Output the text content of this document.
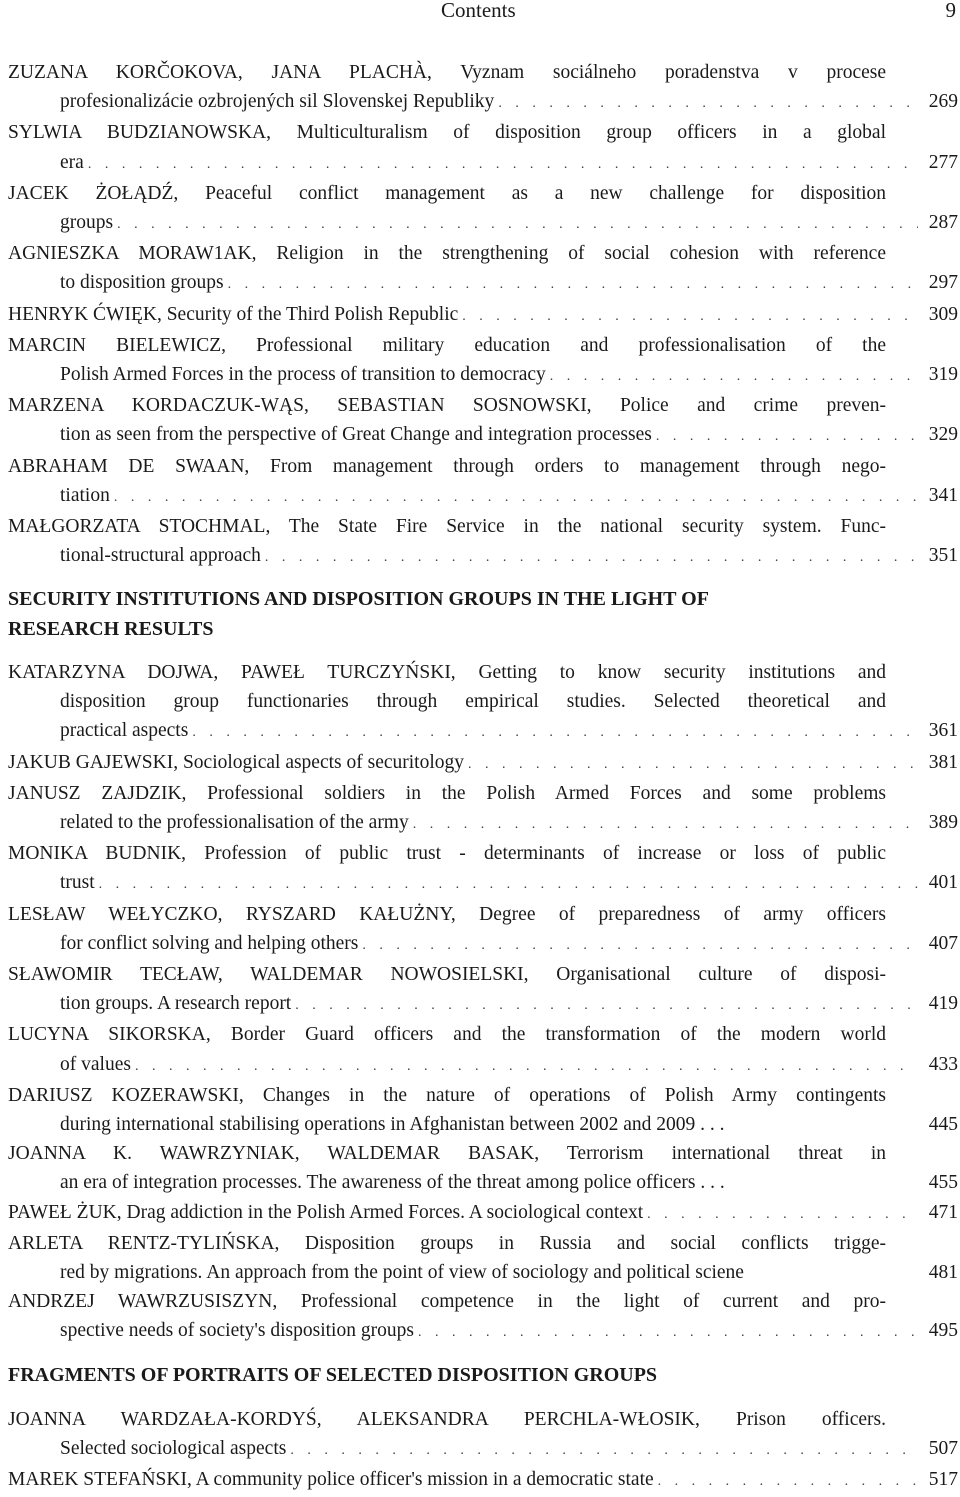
Contents	9
ZUZANA KORČOKOVA, JANA PLACHÀ, Vyznam sociálneho poradenstva v procese
profesionalizácie ozbrojených sil Slovenskej Republiky . . .	269
SYLWIA BUDZIANOWSKA, Multiculturalism of disposition group officers in a global
era . . .	277
JACEK ŻOŁĄDŹ, Peaceful conflict management as a new challenge for disposition
groups . . .	287
AGNIESZKA MORAW1AK, Religion in the strengthening of social cohesion with reference
to disposition groups . . .	297
HENRYK ĆWIĘK, Security of the Third Polish Republic . . .	309
MARCIN BIELEWICZ, Professional military education and professionalisation of the
Polish Armed Forces in the process of transition to democracy . . .	319
MARZENA KORDACZUK-WĄS, SEBASTIAN SOSNOWSKI, Police and crime preven-
tion as seen from the perspective of Great Change and integration processes . . .	329
ABRAHAM DE SWAAN, From management through orders to management through nego-
tiation . . .	341
MAŁGORZATA STOCHMAL, The State Fire Service in the national security system. Func-
tional-structural approach . . .	351
SECURITY INSTITUTIONS AND DISPOSITION GROUPS IN THE LIGHT OF
RESEARCH RESULTS
KATARZYNA DOJWA, PAWEŁ TURCZYŃSKI, Getting to know security institutions and
disposition group functionaries through empirical studies. Selected theoretical and
practical aspects . . .	361
JAKUB GAJEWSKI, Sociological aspects of securitology . . .	381
JANUSZ ZAJDZIK, Professional soldiers in the Polish Armed Forces and some problems
related to the professionalisation of the army . . .	389
MONIKA BUDNIK, Profession of public trust - determinants of increase or loss of public
trust . . .	401
LESŁAW WEŁYCZKO, RYSZARD KAŁUŻNY, Degree of preparedness of army officers
for conflict solving and helping others . . .	407
SŁAWOMIR TECŁAW, WALDEMAR NOWOSIELSKI, Organisational culture of disposi-
tion groups. A research report . . .	419
LUCYNA SIKORSKA, Border Guard officers and the transformation of the modern world
of values . . .	433
DARIUSZ KOZERAWSKI, Changes in the nature of operations of Polish Army contingents
during international stabilising operations in Afghanistan between 2002 and 2009 . . .	445
JOANNA K. WAWRZYNIAK, WALDEMAR BASAK, Terrorism international threat in
an era of integration processes. The awareness of the threat among police officers . . .	455
PAWEŁ ŻUK, Drag addiction in the Polish Armed Forces. A sociological context . . .	471
ARLETA RENTZ-TYLIŃSKA, Disposition groups in Russia and social conflicts trigge-
red by migrations. An approach from the point of view of sociology and political sciene	481
ANDRZEJ WAWRZUSISZYN, Professional competence in the light of current and pro-
spective needs of society's disposition groups . . .	495
FRAGMENTS OF PORTRAITS OF SELECTED DISPOSITION GROUPS
JOANNA WARDZAŁA-KORDYŚ, ALEKSANDRA PERCHLA-WŁOSIK, Prison officers.
Selected sociological aspects . . .	507
MAREK STEFAŃSKI, A community police officer's mission in a democratic state . . .	517
